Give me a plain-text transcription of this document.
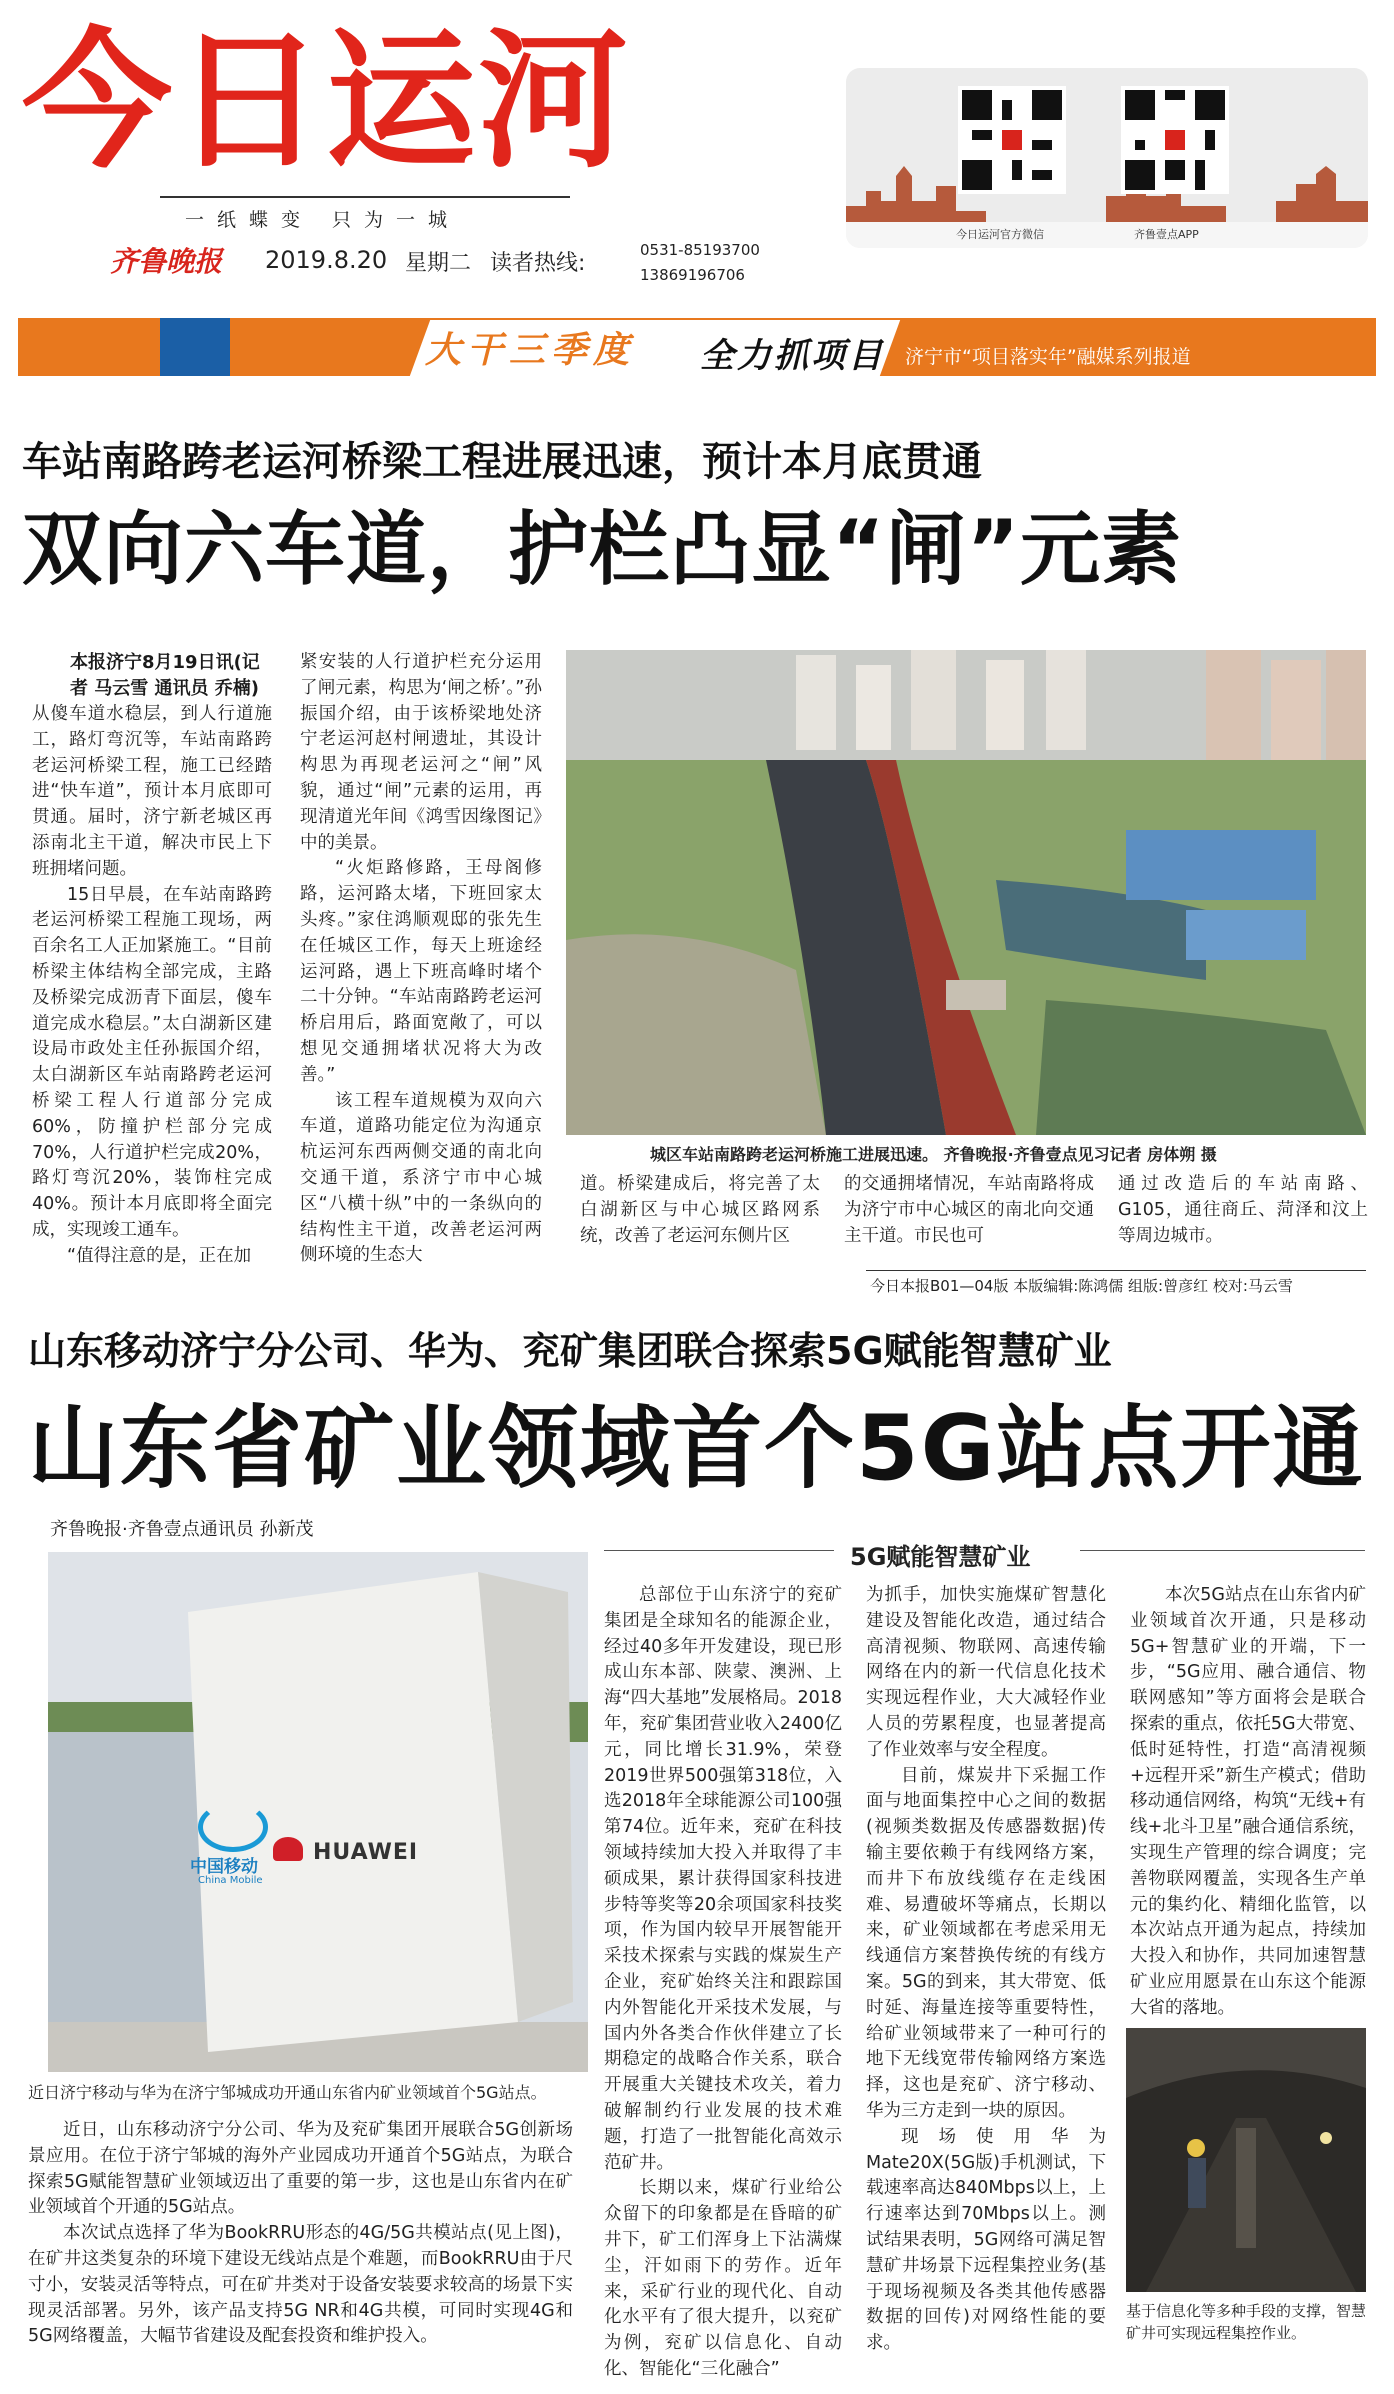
今日运河
一纸蝶变 只为一城
齐鲁晚报 2019.8.20 星期二 读者热线:
0531-85193700
13869196706
今日运河官方微信	齐鲁壹点APP
大干三季度 全力抓项目 济宁市“项目落实年”融媒系列报道
车站南路跨老运河桥梁工程进展迅速，预计本月底贯通
双向六车道，护栏凸显“闸”元素
本报济宁8月19日讯(记者 马云雪 通讯员 乔楠)

从傻车道水稳层，到人行道施工，路灯弯沉等，车站南路跨老运河桥梁工程，施工已经踏进“快车道”，预计本月底即可贯通。届时，济宁新老城区再添南北主干道，解决市民上下班拥堵问题。

15日早晨，在车站南路跨老运河桥梁工程施工现场，两百余名工人正加紧施工。“目前桥梁主体结构全部完成，主路及桥梁完成沥青下面层，傻车道完成水稳层。”太白湖新区建设局市政处主任孙振国介绍，太白湖新区车站南路跨老运河桥梁工程人行道部分完成60%，防撞护栏部分完成70%，人行道护栏完成20%，路灯弯沉20%，装饰柱完成40%。预计本月底即将全面完成，实现竣工通车。

“值得注意的是，正在加

紧安装的人行道护栏充分运用了闸元素，构思为‘闸之桥’。”孙振国介绍，由于该桥梁地处济宁老运河赵村闸遗址，其设计构思为再现老运河之“闸”风貌，通过“闸”元素的运用，再现清道光年间《鸿雪因缘图记》中的美景。

“火炬路修路，王母阁修路，运河路太堵，下班回家太头疼。”家住鸿顺观邸的张先生在任城区工作，每天上班途经运河路，遇上下班高峰时堵个二十分钟。“车站南路跨老运河桥启用后，路面宽敞了，可以想见交通拥堵状况将大为改善。”

该工程车道规模为双向六车道，道路功能定位为沟通京杭运河东西两侧交通的南北向交通干道，系济宁市中心城区“八横十纵”中的一条纵向的结构性主干道，改善老运河两侧环境的生态大

城区车站南路跨老运河桥施工进展迅速。 齐鲁晚报·齐鲁壹点见习记者 房体朔 摄
道。桥梁建成后，将完善了太白湖新区与中心城区路网系统，改善了老运河东侧片区
的交通拥堵情况，车站南路将成为济宁市中心城区的南北向交通主干道。市民也可
通过改造后的车站南路、G105，通往商丘、菏泽和汶上等周边城市。
今日本报B01—04版 本版编辑:陈鸿儒 组版:曾彦红 校对:马云雪
山东移动济宁分公司、华为、兖矿集团联合探索5G赋能智慧矿业
山东省矿业领域首个5G站点开通
齐鲁晚报·齐鲁壹点通讯员 孙新茂
5G赋能智慧矿业
中国移动
China Mobile
HUAWEI
近日济宁移动与华为在济宁邹城成功开通山东省内矿业领域首个5G站点。

近日，山东移动济宁分公司、华为及兖矿集团开展联合5G创新场景应用。在位于济宁邹城的海外产业园成功开通首个5G站点，为联合探索5G赋能智慧矿业领域迈出了重要的第一步，这也是山东省内在矿业领域首个开通的5G站点。

本次试点选择了华为BookRRU形态的4G/5G共模站点(见上图)，在矿井这类复杂的环境下建设无线站点是个难题，而BookRRU由于尺寸小，安装灵活等特点，可在矿井类对于设备安装要求较高的场景下实现灵活部署。另外，该产品支持5G NR和4G共模，可同时实现4G和5G网络覆盖，大幅节省建设及配套投资和维护投入。

总部位于山东济宁的兖矿集团是全球知名的能源企业，经过40多年开发建设，现已形成山东本部、陕蒙、澳洲、上海“四大基地”发展格局。2018年，兖矿集团营业收入2400亿元，同比增长31.9%，荣登2019世界500强第318位，入选2018年全球能源公司100强第74位。近年来，兖矿在科技领域持续加大投入并取得了丰硕成果，累计获得国家科技进步特等奖等20余项国家科技奖项，作为国内较早开展智能开采技术探索与实践的煤炭生产企业，兖矿始终关注和跟踪国内外智能化开采技术发展，与国内外各类合作伙伴建立了长期稳定的战略合作关系，联合开展重大关键技术攻关，着力破解制约行业发展的技术难题，打造了一批智能化高效示范矿井。

长期以来，煤矿行业给公众留下的印象都是在昏暗的矿井下，矿工们浑身上下沾满煤尘，汗如雨下的劳作。近年来，采矿行业的现代化、自动化水平有了很大提升，以兖矿为例，兖矿以信息化、自动化、智能化“三化融合”

为抓手，加快实施煤矿智慧化建设及智能化改造，通过结合高清视频、物联网、高速传输网络在内的新一代信息化技术实现远程作业，大大减轻作业人员的劳累程度，也显著提高了作业效率与安全程度。

目前，煤炭井下采掘工作面与地面集控中心之间的数据(视频类数据及传感器数据)传输主要依赖于有线网络方案，而井下布放线缆存在走线困难、易遭破坏等痛点，长期以来，矿业领域都在考虑采用无线通信方案替换传统的有线方案。5G的到来，其大带宽、低时延、海量连接等重要特性，给矿业领域带来了一种可行的地下无线宽带传输网络方案选择，这也是兖矿、济宁移动、华为三方走到一块的原因。

现场使用华为Mate20X(5G版)手机测试，下载速率高达840Mbps以上，上行速率达到70Mbps以上。测试结果表明，5G网络可满足智慧矿井场景下远程集控业务(基于现场视频及各类其他传感器数据的回传)对网络性能的要求。

本次5G站点在山东省内矿业领域首次开通，只是移动5G+智慧矿业的开端，下一步，“5G应用、融合通信、物联网感知”等方面将会是联合探索的重点，依托5G大带宽、低时延特性，打造“高清视频+远程开采”新生产模式；借助移动通信网络，构筑“无线+有线+北斗卫星”融合通信系统，实现生产管理的综合调度；完善物联网覆盖，实现各生产单元的集约化、精细化监管，以本次站点开通为起点，持续加大投入和协作，共同加速智慧矿业应用愿景在山东这个能源大省的落地。

基于信息化等多种手段的支撑，智慧矿井可实现远程集控作业。
